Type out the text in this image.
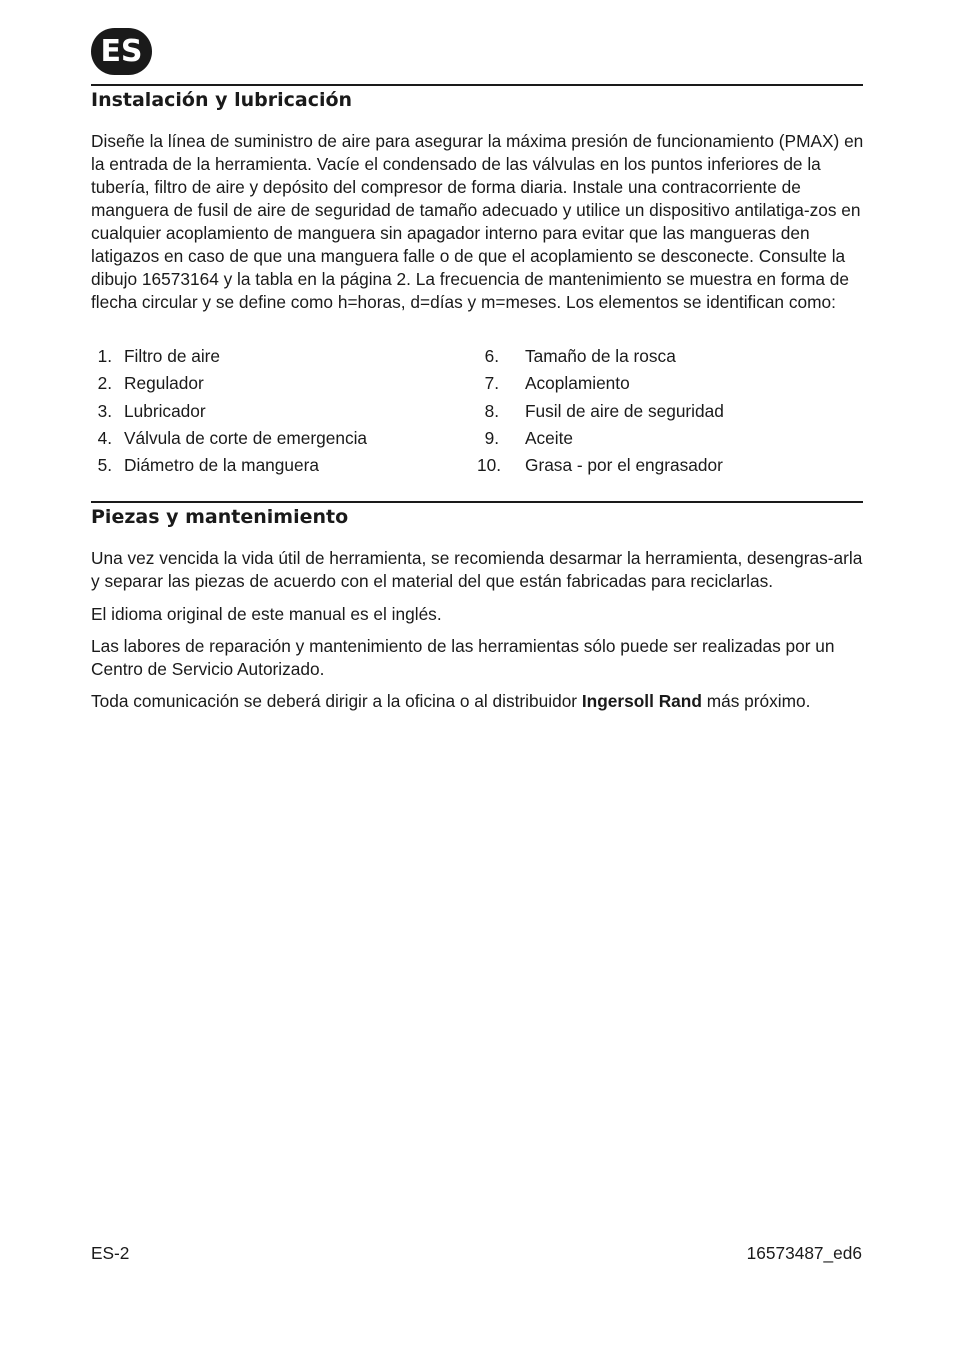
ES
Instalación y lubricación

Diseñe la línea de suministro de aire para asegurar la máxima presión de funcionamiento (PMAX) en la entrada de la herramienta. Vacíe el condensado de las válvulas en los puntos inferiores de la tubería, filtro de aire y depósito del compresor de forma diaria. Instale una contracorriente de manguera de fusil de aire de seguridad de tamaño adecuado y utilice un dispositivo antilatiga-zos en cualquier acoplamiento de manguera sin apagador interno para evitar que las mangueras den latigazos en caso de que una manguera falle o de que el acoplamiento se desconecte. Consulte la dibujo 16573164 y la tabla en la página 2. La frecuencia de mantenimiento se muestra en forma de flecha circular y se define como h=horas, d=días y m=meses. Los elementos se identifican como:

1. Filtro de aire	6. Tamaño de la rosca
2. Regulador	7. Acoplamiento
3. Lubricador	8. Fusil de aire de seguridad
4. Válvula de corte de emergencia	9. Aceite
5. Diámetro de la manguera	10. Grasa - por el engrasador
Piezas y mantenimiento

Una vez vencida la vida útil de herramienta, se recomienda desarmar la herramienta, desengras-arla y separar las piezas de acuerdo con el material del que están fabricadas para reciclarlas.

El idioma original de este manual es el inglés.

Las labores de reparación y mantenimiento de las herramientas sólo puede ser realizadas por un Centro de Servicio Autorizado.

Toda comunicación se deberá dirigir a la oficina o al distribuidor Ingersoll Rand más próximo.

ES-2	16573487_ed6
